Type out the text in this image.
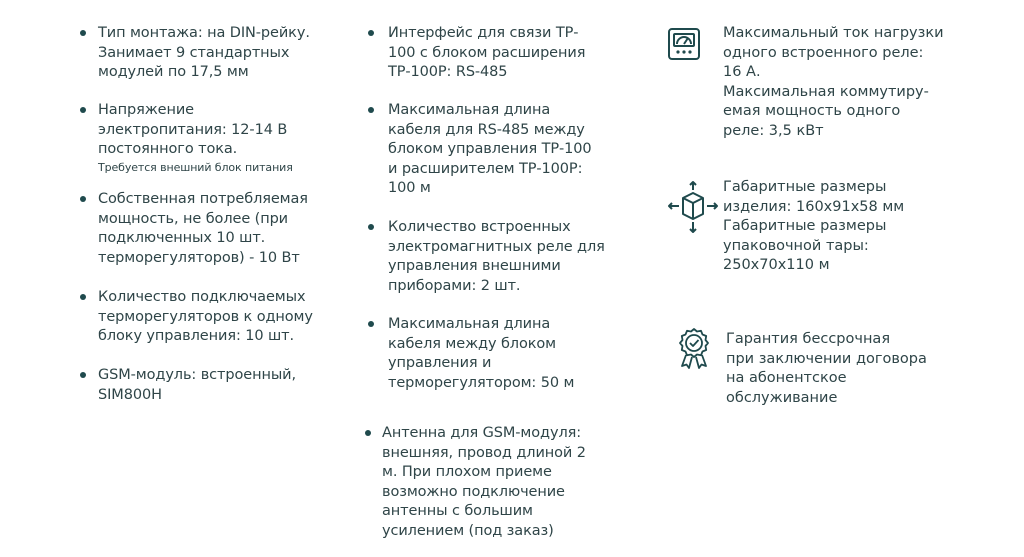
Тип монтажа: на DIN-рейку.
Занимает 9 стандартных
модулей по 17,5 мм
Напряжение
электропитания: 12-14 В
постоянного тока.
Требуется внешний блок питания
Собственная потребляемая
мощность, не более (при
подключенных 10 шт.
терморегуляторов) - 10 Вт
Количество подключаемых
терморегуляторов к одному
блоку управления: 10 шт.
GSM-модуль: встроенный,
SIM800H
Интерфейс для связи ТР-
100 с блоком расширения
ТР-100Р: RS-485
Максимальная длина
кабеля для RS-485 между
блоком управления ТР-100
и расширителем ТР-100Р:
100 м
Количество встроенных
электромагнитных реле для
управления внешними
приборами: 2 шт.
Максимальная длина
кабеля между блоком
управления и
терморегулятором: 50 м
Антенна для GSM-модуля:
внешняя, провод длиной 2
м. При плохом приеме
возможно подключение
антенны с большим
усилением (под заказ)
Максимальный ток нагрузки
одного встроенного реле:
16 А.
Максимальная коммутиру-
емая мощность одного
реле: 3,5 кВт
Габаритные размеры
изделия: 160х91х58 мм
Габаритные размеры
упаковочной тары:
250х70х110 м
Гарантия бессрочная
при заключении договора
на абонентское
обслуживание
